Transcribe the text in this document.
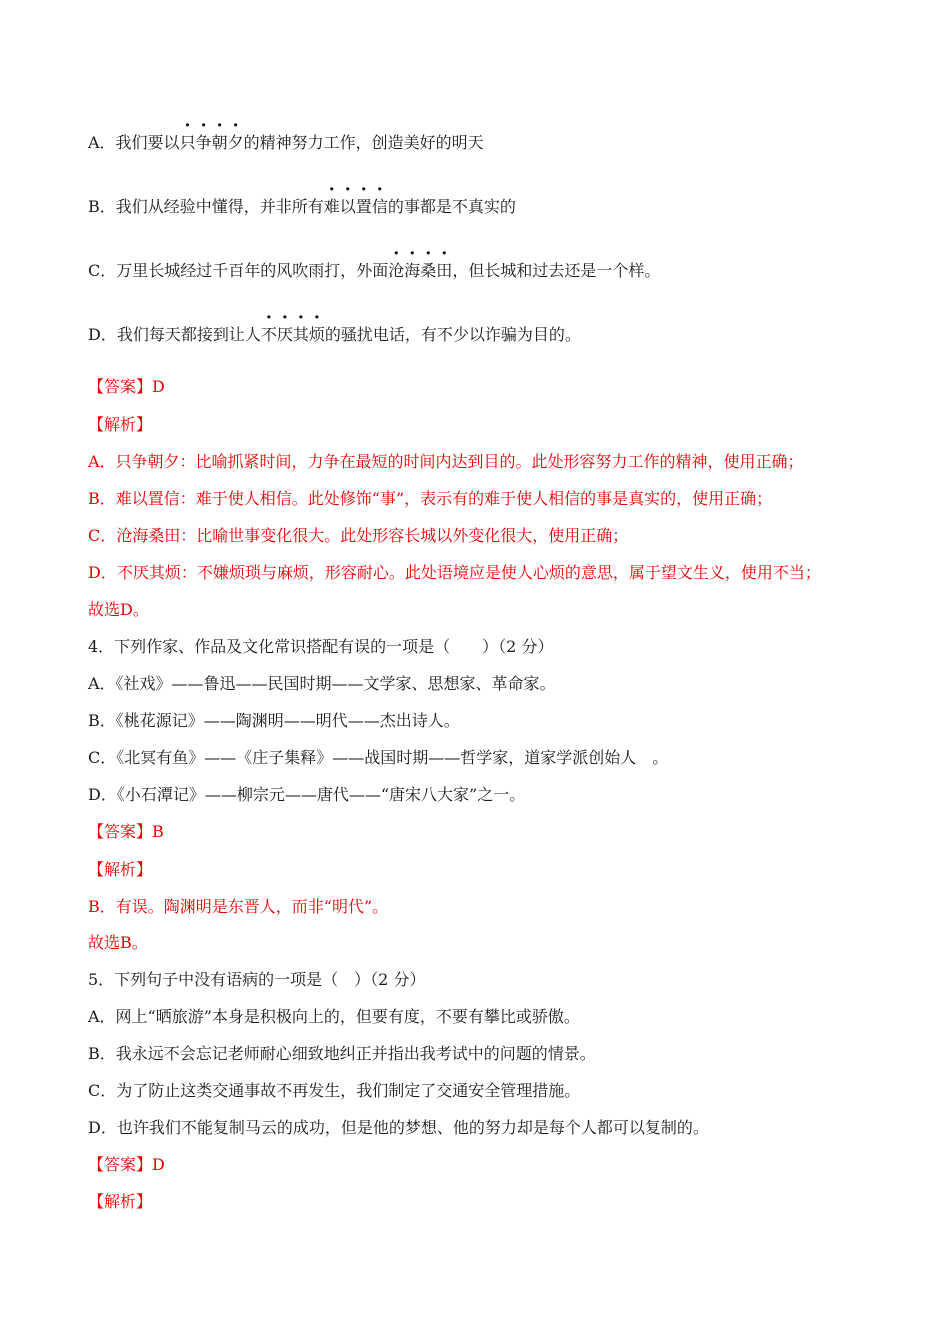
A．我们要以只争朝夕的精神努力工作，创造美好的明天
B．我们从经验中懂得，并非所有难以置信的事都是不真实的
C．万里长城经过千百年的风吹雨打，外面沧海桑田，但长城和过去还是一个样。
D．我们每天都接到让人不厌其烦的骚扰电话，有不少以诈骗为目的。
【答案】D
【解析】
A．只争朝夕：比喻抓紧时间，力争在最短的时间内达到目的。此处形容努力工作的精神，使用正确；
B．难以置信：难于使人相信。此处修饰“事”，表示有的难于使人相信的事是真实的，使用正确；
C．沧海桑田：比喻世事变化很大。此处形容长城以外变化很大，使用正确；
D．不厌其烦：不嫌烦琐与麻烦，形容耐心。此处语境应是使人心烦的意思，属于望文生义，使用不当；
故选D。
4．下列作家、作品及文化常识搭配有误的一项是（　　）（2 分）
A．《社戏》——鲁迅——民国时期——文学家、思想家、革命家。
B．《桃花源记》——陶渊明——明代——杰出诗人。
C．《北冥有鱼》——《庄子集释》——战国时期——哲学家，道家学派创始人　。
D．《小石潭记》——柳宗元——唐代——“唐宋八大家”之一。
【答案】B
【解析】
B．有误。陶渊明是东晋人，而非“明代”。
故选B。
5．下列句子中没有语病的一项是（　）（2 分）
A．网上“晒旅游”本身是积极向上的，但要有度，不要有攀比或骄傲。
B．我永远不会忘记老师耐心细致地纠正并指出我考试中的问题的情景。
C．为了防止这类交通事故不再发生，我们制定了交通安全管理措施。
D．也许我们不能复制马云的成功，但是他的梦想、他的努力却是每个人都可以复制的。
【答案】D
【解析】
